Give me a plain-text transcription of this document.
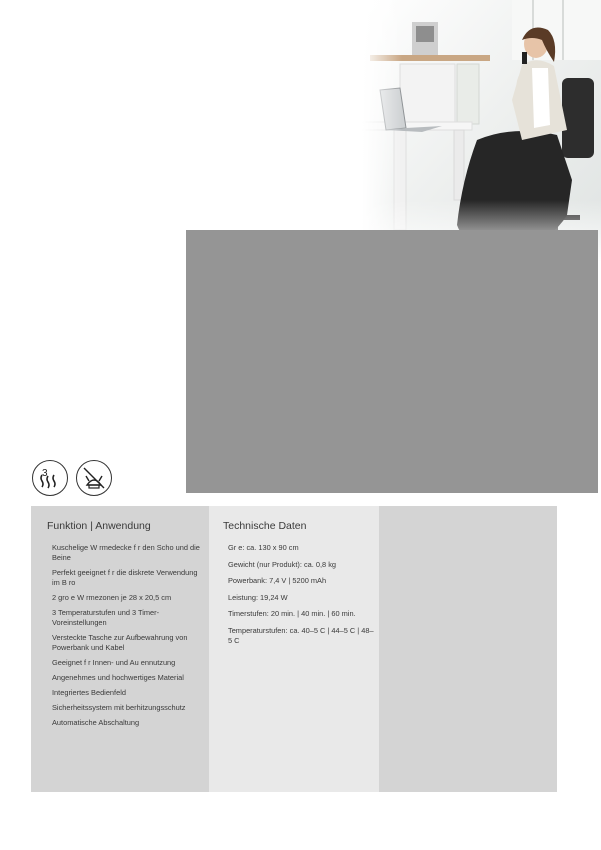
3
Funktion | Anwendung
Kuschelige W rmedecke f r den Scho und die Beine
Perfekt geeignet f r die diskrete Verwendung im B ro
2 gro e W rmezonen je 28 x 20,5 cm
3 Temperaturstufen und 3 Timer-Voreinstellungen
Versteckte Tasche zur Aufbewahrung von Powerbank und Kabel
Geeignet f r Innen- und Au ennutzung
Angenehmes und hochwertiges Material
Integriertes Bedienfeld
Sicherheitssystem mit berhitzungsschutz
Automatische Abschaltung
Technische Daten
Gr e: ca. 130 x 90 cm
Gewicht (nur Produkt): ca. 0,8 kg
Powerbank: 7,4 V | 5200 mAh
Leistung: 19,24 W
Timerstufen: 20 min. | 40 min. | 60 min.
Temperaturstufen: ca. 40–5 C | 44–5 C | 48–5 C
